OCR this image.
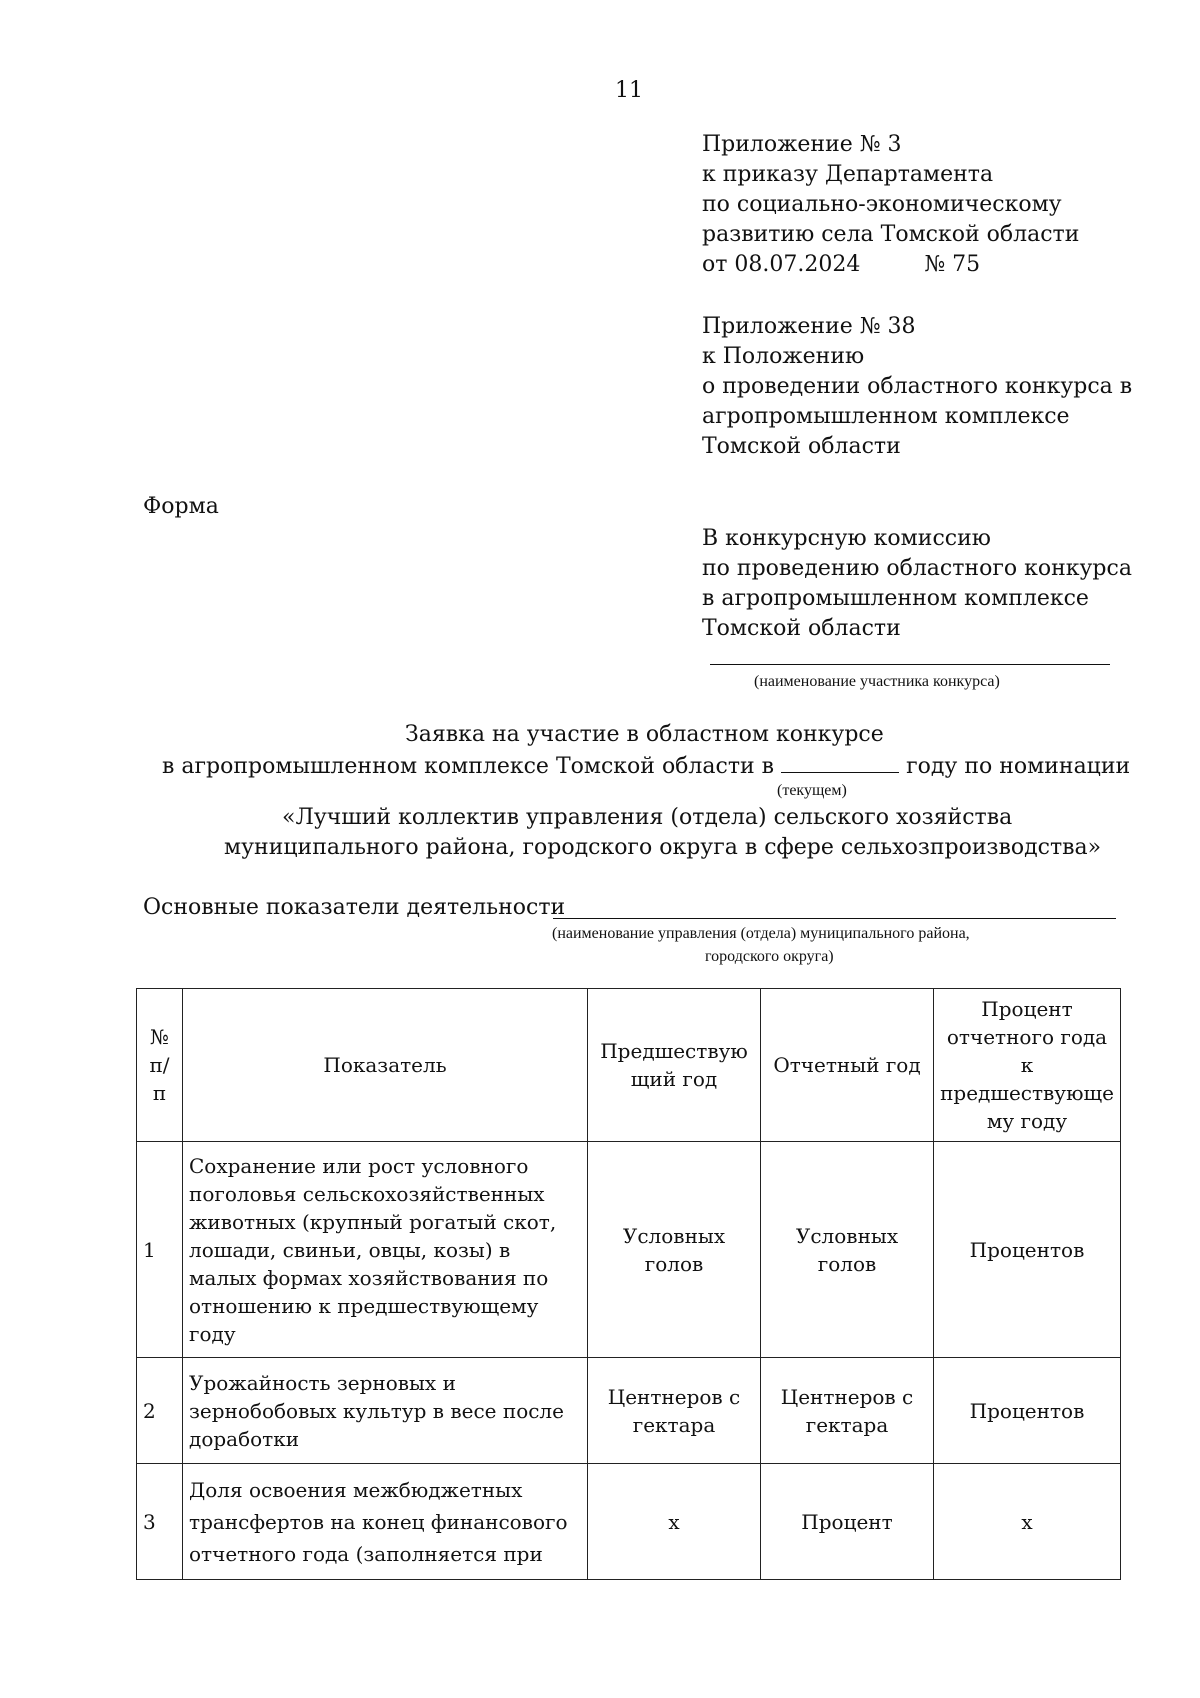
11
Приложение № 3
к приказу Департамента
по социально-экономическому
развитию села Томской области
от 08.07.2024	№ 75
Приложение № 38
к Положению
о проведении областного конкурса в
агропромышленном комплексе
Томской области
Форма
В конкурсную комиссию
по проведению областного конкурса
в агропромышленном комплексе
Томской области
(наименование участника конкурса)
Заявка на участие в областном конкурсе
в агропромышленном комплексе Томской области в	году по номинации
(текущем)
«Лучший коллектив управления (отдела) сельского хозяйства
муниципального района, городского округа в сфере сельхозпроизводства»
Основные показатели деятельности
(наименование управления (отдела) муниципального района,
городского округа)
№ п/п	Показатель	Предшествую щий год	Отчетный год	Процент отчетного года к предшествующе му году

1	Сохранение или рост условного поголовья сельскохозяйственных животных (крупный рогатый скот, лошади, свиньи, овцы, козы) в малых формах хозяйствования по отношению к предшествующему году	Условных голов	Условных голов	Процентов

2	Урожайность зерновых и зернобобовых культур в весе после доработки	Центнеров с гектара	Центнеров с гектара	Процентов

3	Доля освоения межбюджетных трансфертов на конец финансового отчетного года (заполняется при	х	Процент	х
